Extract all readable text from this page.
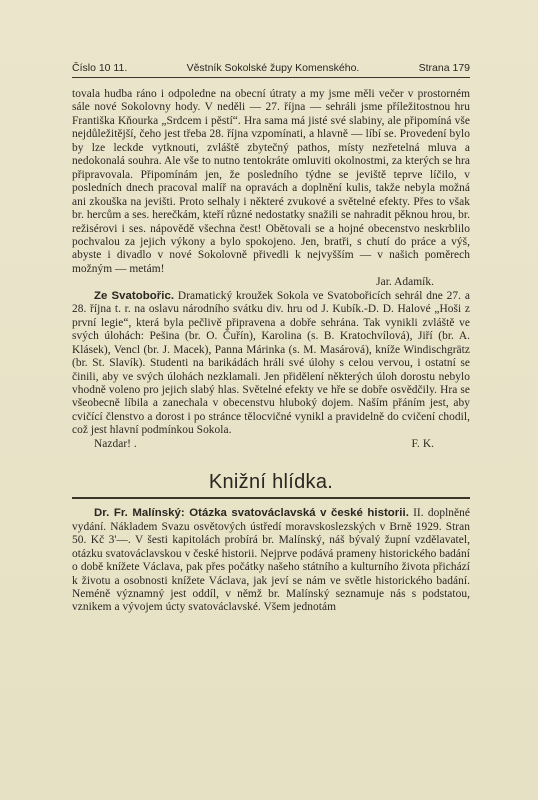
Číslo 10 11.	Věstník Sokolské župy Komenského.	Strana 179

tovala hudba ráno i odpoledne na obecní útraty a my jsme měli večer v prostorném sále nové Sokolovny hody. V neděli — 27. října — sehráli jsme příležitostnou hru Františka Kňourka „Srdcem i pěstí“. Hra sama má jisté své slabiny, ale připomíná vše nejdůležitější, čeho jest třeba 28. října vzpomínati, a hlavně — líbí se. Provedení bylo by lze leckde vytknouti, zvláště zbytečný pathos, místy nezřetelná mluva a nedokonalá souhra. Ale vše to nutno tentokráte omluviti okolnostmi, za kterých se hra připravovala. Připomínám jen, že posledního týdne se jeviště teprve líčilo, v posledních dnech pracoval malíř na opravách a doplnění kulis, takže nebyla možná ani zkouška na jevišti. Proto selhaly i některé zvukové a světelné efekty. Přes to však br. hercům a ses. herečkám, kteří různé nedostatky snažili se nahradit pěknou hrou, br. režisérovi i ses. nápovědě všechna čest! Obětovali se a hojné obecenstvo neskrblilo pochvalou za jejich výkony a bylo spokojeno. Jen, bratři, s chutí do práce a výš, abyste i divadlo v nové Sokolovně přivedli k nejvyšším — v našich poměrech možným — metám!

Jar. Adamík.

Ze Svatobořic. Dramatický kroužek Sokola ve Svatobořicích sehrál dne 27. a 28. října t. r. na oslavu národního svátku div. hru od J. Kubík.-D. D. Halové „Hoši z první legie“, která byla pečlivě připravena a dobře sehrána. Tak vynikli zvláště ve svých úlohách: Pešina (br. O. Čuřín), Karolina (s. B. Kratochvílová), Jiří (br. A. Klásek), Vencl (br. J. Macek), Panna Márinka (s. M. Masárová), kníže Windischgrätz (br. St. Slavík). Studenti na barikádách hráli své úlohy s celou vervou, i ostatní se činili, aby ve svých úlohách nezklamali. Jen přidělení některých úloh dorostu nebylo vhodně voleno pro jejich slabý hlas. Světelné efekty ve hře se dobře osvědčily. Hra se všeobecně líbila a zanechala v obecenstvu hluboký dojem. Naším přáním jest, aby cvičící členstvo a dorost i po stránce tělocvičné vynikl a pravidelně do cvičení chodil, což jest hlavní podmínkou Sokola.

Nazdar! .	F. K.

Knižní hlídka.

Dr. Fr. Malínský: Otázka svatováclavská v české historii. II. doplněné vydání. Nákladem Svazu osvětových ústředí moravskoslezských v Brně 1929. Stran 50. Kč 3'—. V šesti kapitolách probírá br. Malínský, náš bývalý župní vzdělavatel, otázku svatováclavskou v české historii. Nejprve podává prameny historického badání o době knížete Václava, pak přes počátky našeho státního a kulturního života přichází k životu a osobnosti knížete Václava, jak jeví se nám ve světle historického badání. Neméně významný jest oddíl, v němž br. Malínský seznamuje nás s podstatou, vznikem a vývojem úcty svatováclavské. Všem jednotám
